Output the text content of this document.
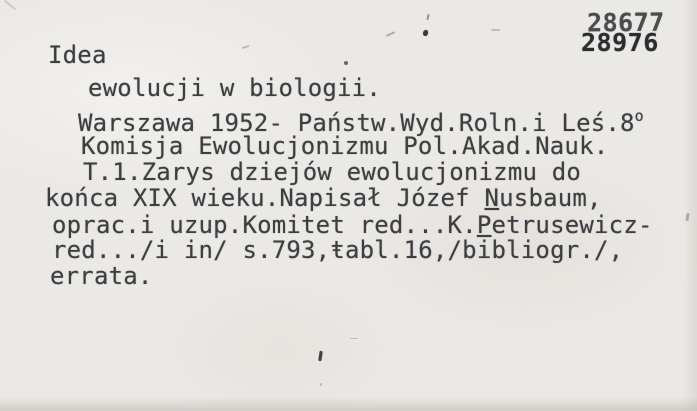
28677
28976
Idea
ewolucji w biologii.
Warszawa 1952- Państw.Wyd.Roln.i Leś.8$^o$
Komisja Ewolucjonizmu Pol.Akad.Nauk.
T.1.Zarys dziejów ewolucjonizmu do
końca XIX wieku.Napisał Józef Nusbaum,
oprac.i uzup.Komitet red...K.Petrusewicz-
red.../i in/ s.793,ŧabl.16,/bibliogr./,
errata.
